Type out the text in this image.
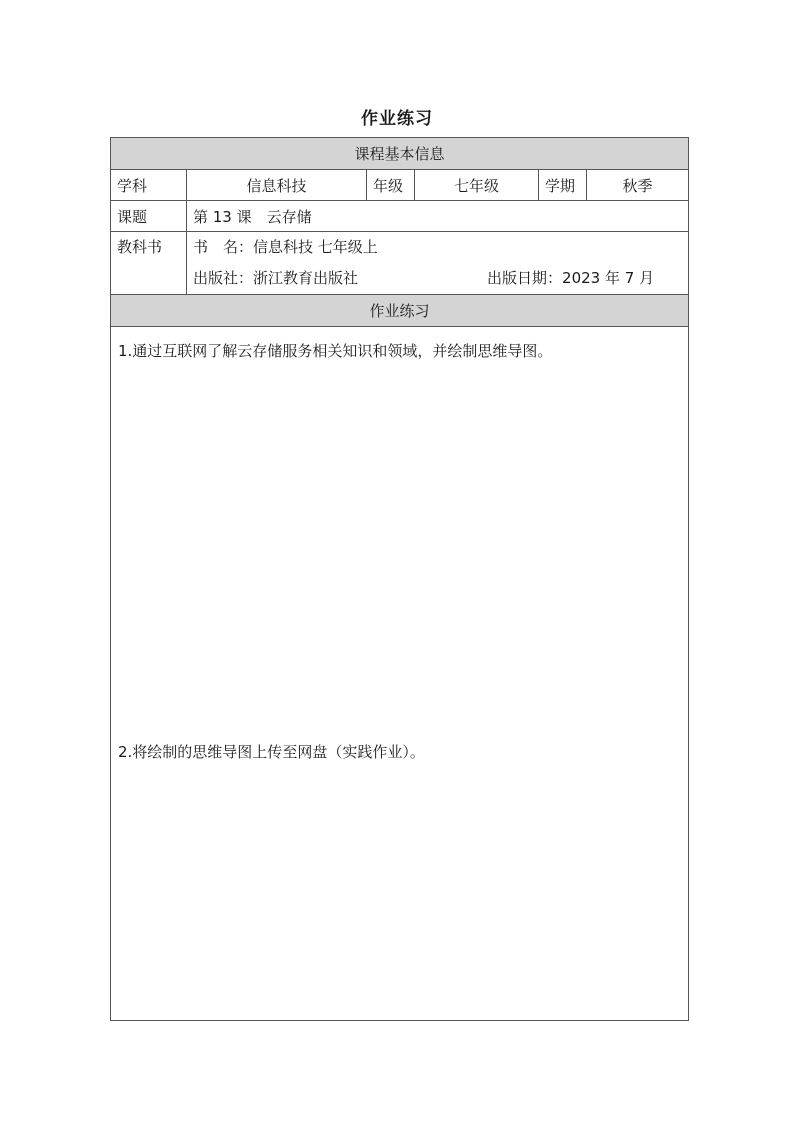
作业练习
课程基本信息					
学科	信息科技	年级	七年级	学期	秋季
课题	第 13 课　云存储				

教科书	书　名：信息科技 七年级上
出版社：浙江教育出版社 出版日期：2023 年 7 月				

作业练习					

1.通过互联网了解云存储服务相关知识和领域，并绘制思维导图。
2.将绘制的思维导图上传至网盘（实践作业）。
